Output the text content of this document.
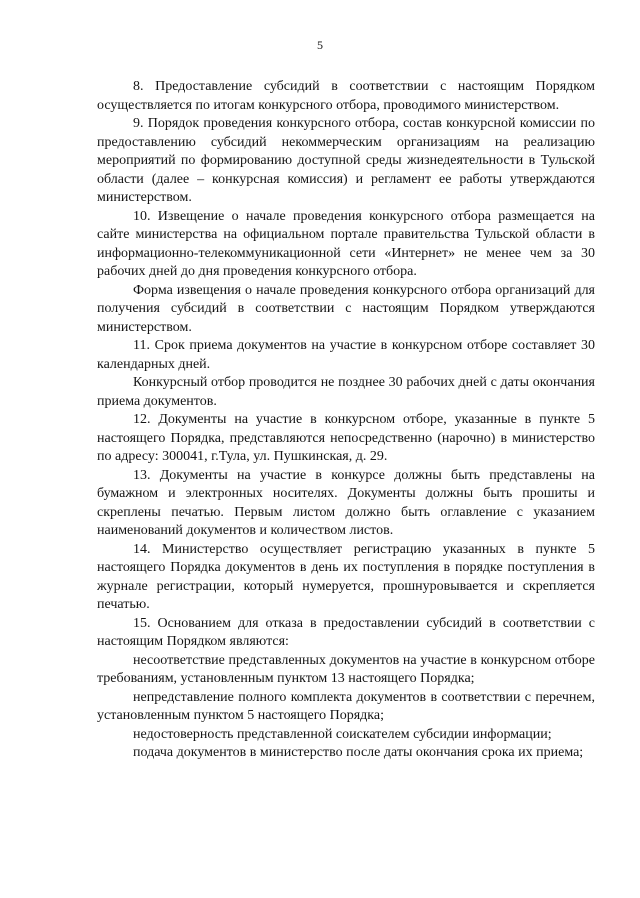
5

8. Предоставление субсидий в соответствии с настоящим Порядком осуществляется по итогам конкурсного отбора, проводимого министерством.

9. Порядок проведения конкурсного отбора, состав конкурсной комиссии по предоставлению субсидий некоммерческим организациям на реализацию мероприятий по формированию доступной среды жизнедеятельности в Тульской области (далее – конкурсная комиссия) и регламент ее работы утверждаются министерством.

10. Извещение о начале проведения конкурсного отбора размещается на сайте министерства на официальном портале правительства Тульской области в информационно-телекоммуникационной сети «Интернет» не менее чем за 30 рабочих дней до дня проведения конкурсного отбора.

Форма извещения о начале проведения конкурсного отбора организаций для получения субсидий в соответствии с настоящим Порядком утверждаются министерством.

11. Срок приема документов на участие в конкурсном отборе составляет 30 календарных дней.

Конкурсный отбор проводится не позднее 30 рабочих дней с даты окончания приема документов.

12. Документы на участие в конкурсном отборе, указанные в пункте 5 настоящего Порядка, представляются непосредственно (нарочно) в министерство по адресу: 300041, г.Тула, ул. Пушкинская, д. 29.

13. Документы на участие в конкурсе должны быть представлены на бумажном и электронных носителях. Документы должны быть прошиты и скреплены печатью. Первым листом должно быть оглавление с указанием наименований документов и количеством листов.

14. Министерство осуществляет регистрацию указанных в пункте 5 настоящего Порядка документов в день их поступления в порядке поступления в журнале регистрации, который нумеруется, прошнуровывается и скрепляется печатью.

15. Основанием для отказа в предоставлении субсидий в соответствии с настоящим Порядком являются:

несоответствие представленных документов на участие в конкурсном отборе требованиям, установленным пунктом 13 настоящего Порядка;

непредставление полного комплекта документов в соответствии с перечнем, установленным пунктом 5 настоящего Порядка;

недостоверность представленной соискателем субсидии информации;

подача документов в министерство после даты окончания срока их приема;
